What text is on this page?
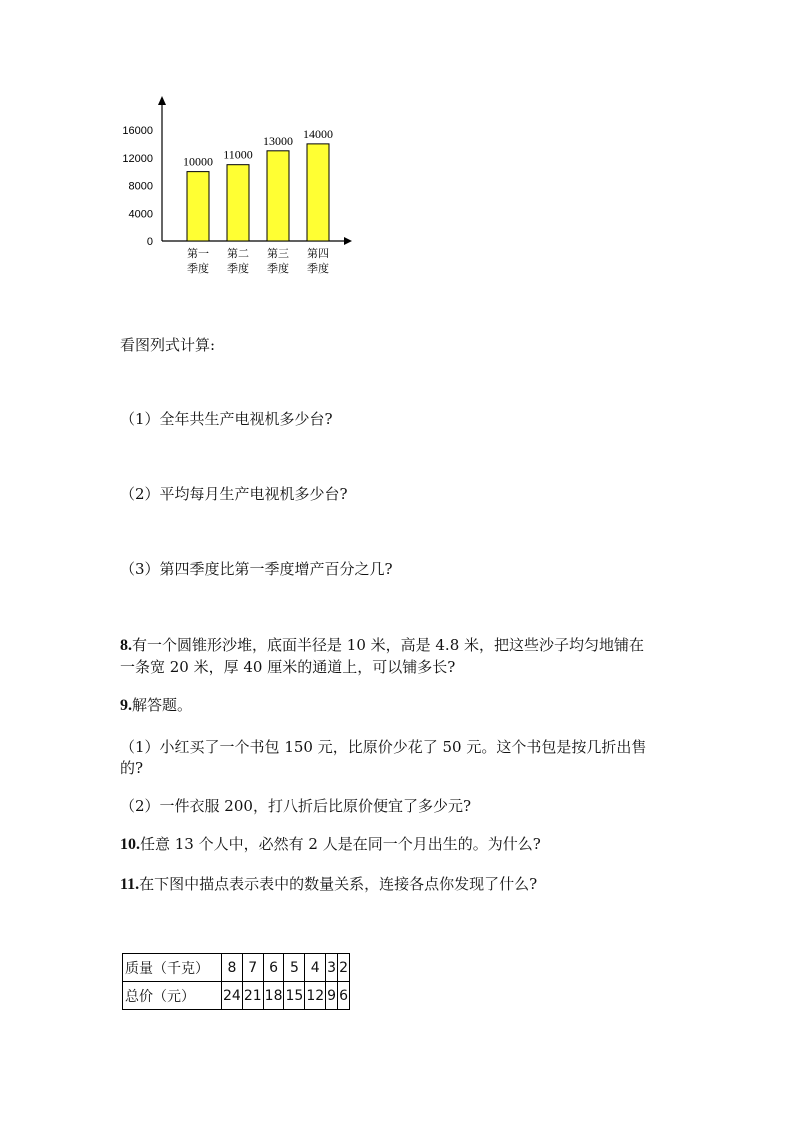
0
4000
8000
12000
16000
10000
第一
季度
11000
第二
季度
13000
第三
季度
14000
第四
季度
看图列式计算:
（1）全年共生产电视机多少台?
（2）平均每月生产电视机多少台?
（3）第四季度比第一季度增产百分之几?
8.有一个圆锥形沙堆，底面半径是 10 米，高是 4.8 米，把这些沙子均匀地铺在
一条宽 20 米，厚 40 厘米的通道上，可以铺多长?
9.解答题。
（1）小红买了一个书包 150 元，比原价少花了 50 元。这个书包是按几折出售
的?
（2）一件衣服 200，打八折后比原价便宜了多少元?
10.任意 13 个人中，必然有 2 人是在同一个月出生的。为什么?
11.在下图中描点表示表中的数量关系，连接各点你发现了什么?
质量（千克）	8	7	6	5	4	3	2
总价（元）	24	21	18	15	12	9	6
